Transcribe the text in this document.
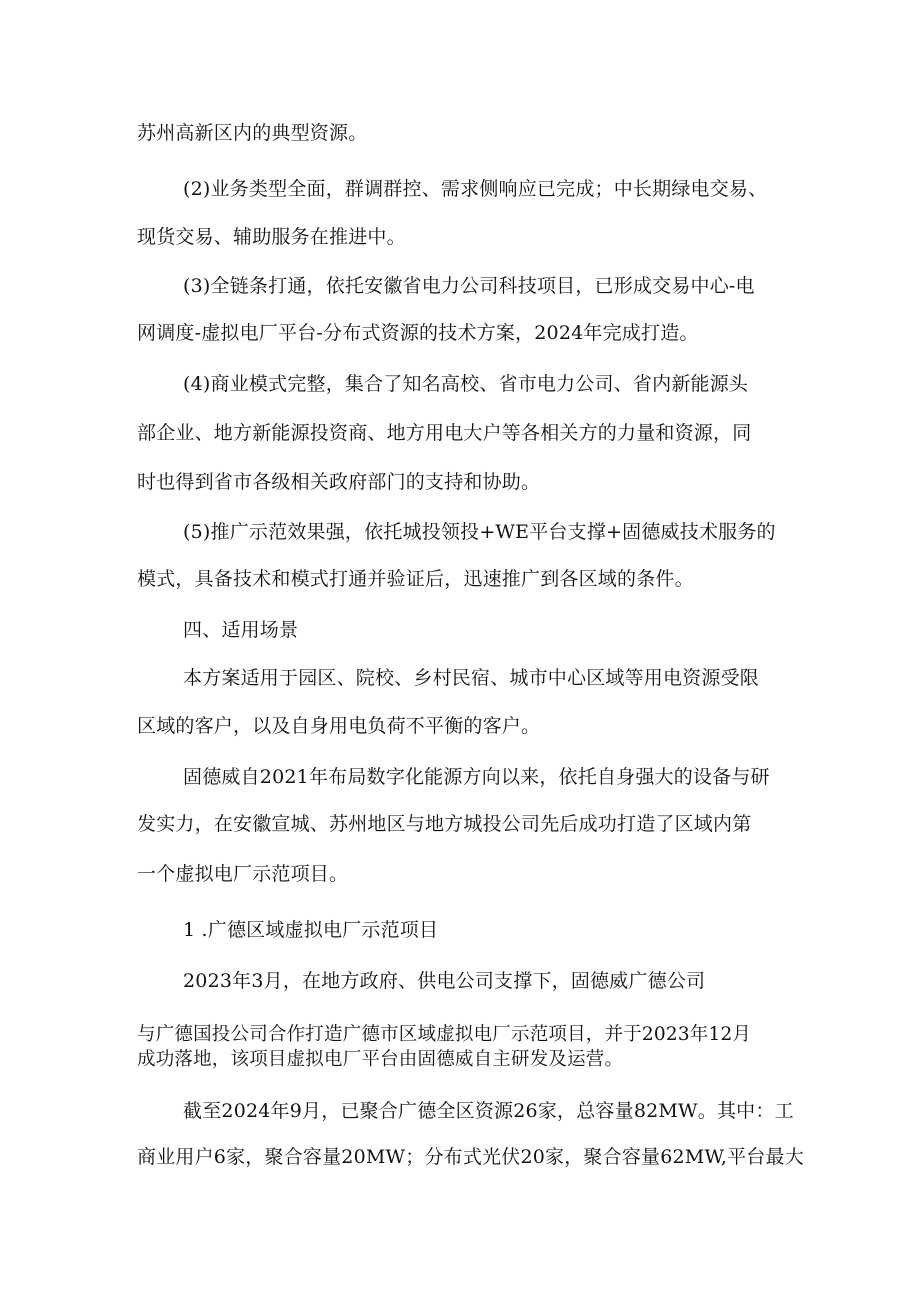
苏州高新区内的典型资源。
(2)业务类型全面，群调群控、需求侧响应已完成；中长期绿电交易、
现货交易、辅助服务在推进中。
(3)全链条打通，依托安徽省电力公司科技项目，已形成交易中心-电
网调度-虚拟电厂平台-分布式资源的技术方案，2024年完成打造。
(4)商业模式完整，集合了知名高校、省市电力公司、省内新能源头
部企业、地方新能源投资商、地方用电大户等各相关方的力量和资源，同
时也得到省市各级相关政府部门的支持和协助。
(5)推广示范效果强，依托城投领投+WE平台支撑+固德威技术服务的
模式，具备技术和模式打通并验证后，迅速推广到各区域的条件。
四、适用场景
本方案适用于园区、院校、乡村民宿、城市中心区域等用电资源受限
区域的客户，以及自身用电负荷不平衡的客户。
固德威自2021年布局数字化能源方向以来，依托自身强大的设备与研
发实力，在安徽宣城、苏州地区与地方城投公司先后成功打造了区域内第
一个虚拟电厂示范项目。
1 .广德区域虚拟电厂示范项目
2023年3月，在地方政府、供电公司支撑下，固德威广德公司
与广德国投公司合作打造广德市区域虚拟电厂示范项目，并于2023年12月
成功落地，该项目虚拟电厂平台由固德威自主研发及运营。
截至2024年9月，已聚合广德全区资源26家，总容量82MW。其中：工
商业用户6家，聚合容量20MW；分布式光伏20家，聚合容量62MW,平台最大
